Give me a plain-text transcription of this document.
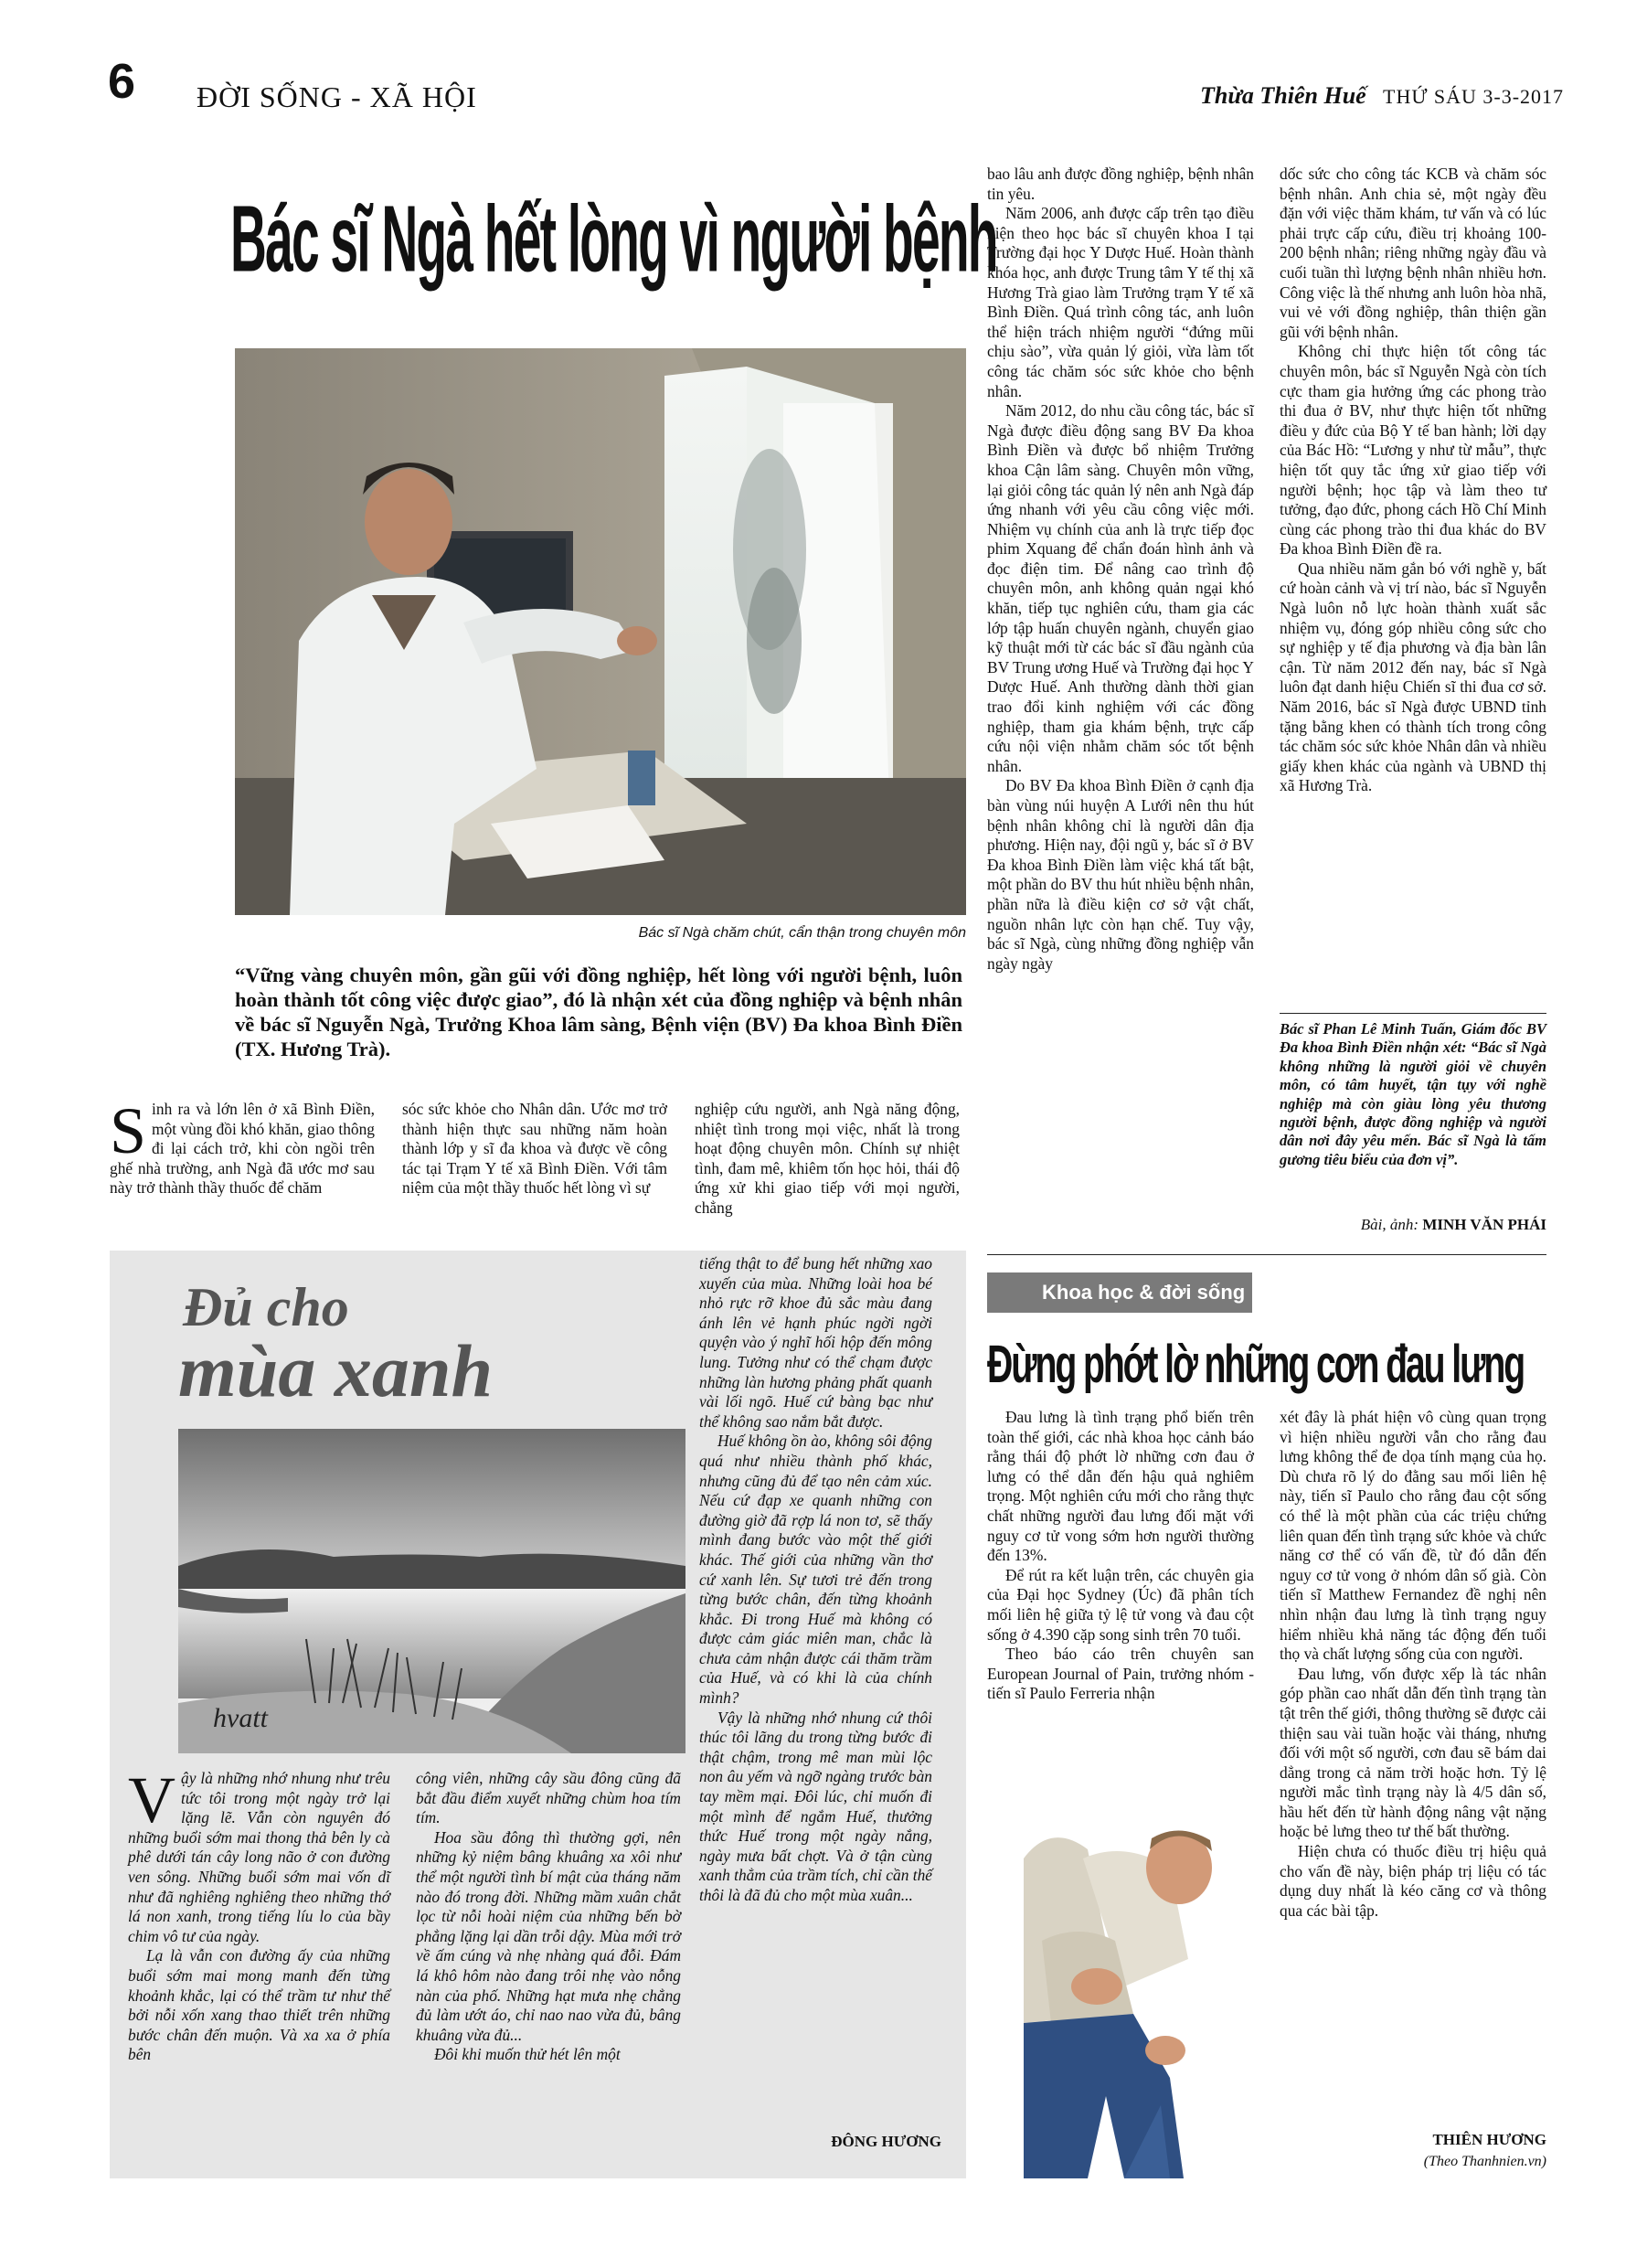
6 ĐỜI SỐNG - XÃ HỘI	Thừa Thiên Huế THỨ SÁU 3-3-2017
Bác sĩ Ngà hết lòng vì người bệnh
Bác sĩ Ngà chăm chút, cẩn thận trong chuyên môn
“Vững vàng chuyên môn, gần gũi với đồng nghiệp, hết lòng với người bệnh, luôn hoàn thành tốt công việc được giao”, đó là nhận xét của đồng nghiệp và bệnh nhân về bác sĩ Nguyễn Ngà, Trưởng Khoa lâm sàng, Bệnh viện (BV) Đa khoa Bình Điền (TX. Hương Trà).

Sinh ra và lớn lên ở xã Bình Điền, một vùng đồi khó khăn, giao thông đi lại cách trở, khi còn ngồi trên ghế nhà trường, anh Ngà đã ước mơ sau này trở thành thầy thuốc để chăm

sóc sức khỏe cho Nhân dân. Ước mơ trở thành hiện thực sau những năm hoàn thành lớp y sĩ đa khoa và được về công tác tại Trạm Y tế xã Bình Điền. Với tâm niệm của một thầy thuốc hết lòng vì sự

nghiệp cứu người, anh Ngà năng động, nhiệt tình trong mọi việc, nhất là trong hoạt động chuyên môn. Chính sự nhiệt tình, đam mê, khiêm tốn học hỏi, thái độ ứng xử khi giao tiếp với mọi người, chẳng

bao lâu anh được đồng nghiệp, bệnh nhân tin yêu.

Năm 2006, anh được cấp trên tạo điều kiện theo học bác sĩ chuyên khoa I tại Trường đại học Y Dược Huế. Hoàn thành khóa học, anh được Trung tâm Y tế thị xã Hương Trà giao làm Trưởng trạm Y tế xã Bình Điền. Quá trình công tác, anh luôn thể hiện trách nhiệm người “đứng mũi chịu sào”, vừa quản lý giỏi, vừa làm tốt công tác chăm sóc sức khỏe cho bệnh nhân.

Năm 2012, do nhu cầu công tác, bác sĩ Ngà được điều động sang BV Đa khoa Bình Điền và được bổ nhiệm Trưởng khoa Cận lâm sàng. Chuyên môn vững, lại giỏi công tác quản lý nên anh Ngà đáp ứng nhanh với yêu cầu công việc mới. Nhiệm vụ chính của anh là trực tiếp đọc phim Xquang để chẩn đoán hình ảnh và đọc điện tim. Để nâng cao trình độ chuyên môn, anh không quản ngại khó khăn, tiếp tục nghiên cứu, tham gia các lớp tập huấn chuyên ngành, chuyển giao kỹ thuật mới từ các bác sĩ đầu ngành của BV Trung ương Huế và Trường đại học Y Dược Huế. Anh thường dành thời gian trao đổi kinh nghiệm với các đồng nghiệp, tham gia khám bệnh, trực cấp cứu nội viện nhằm chăm sóc tốt bệnh nhân.

Do BV Đa khoa Bình Điền ở cạnh địa bàn vùng núi huyện A Lưới nên thu hút bệnh nhân không chỉ là người dân địa phương. Hiện nay, đội ngũ y, bác sĩ ở BV Đa khoa Bình Điền làm việc khá tất bật, một phần do BV thu hút nhiều bệnh nhân, phần nữa là điều kiện cơ sở vật chất, nguồn nhân lực còn hạn chế. Tuy vậy, bác sĩ Ngà, cùng những đồng nghiệp vẫn ngày ngày

dốc sức cho công tác KCB và chăm sóc bệnh nhân. Anh chia sẻ, một ngày đều đặn với việc thăm khám, tư vấn và có lúc phải trực cấp cứu, điều trị khoảng 100-200 bệnh nhân; riêng những ngày đầu và cuối tuần thì lượng bệnh nhân nhiều hơn. Công việc là thế nhưng anh luôn hòa nhã, vui vẻ với đồng nghiệp, thân thiện gần gũi với bệnh nhân.

Không chỉ thực hiện tốt công tác chuyên môn, bác sĩ Nguyễn Ngà còn tích cực tham gia hưởng ứng các phong trào thi đua ở BV, như thực hiện tốt những điều y đức của Bộ Y tế ban hành; lời dạy của Bác Hồ: “Lương y như từ mẫu”, thực hiện tốt quy tắc ứng xử giao tiếp với người bệnh; học tập và làm theo tư tưởng, đạo đức, phong cách Hồ Chí Minh cùng các phong trào thi đua khác do BV Đa khoa Bình Điền đề ra.

Qua nhiều năm gắn bó với nghề y, bất cứ hoàn cảnh và vị trí nào, bác sĩ Nguyễn Ngà luôn nỗ lực hoàn thành xuất sắc nhiệm vụ, đóng góp nhiều công sức cho sự nghiệp y tế địa phương và địa bàn lân cận. Từ năm 2012 đến nay, bác sĩ Ngà luôn đạt danh hiệu Chiến sĩ thi đua cơ sở. Năm 2016, bác sĩ Ngà được UBND tỉnh tặng bằng khen có thành tích trong công tác chăm sóc sức khỏe Nhân dân và nhiều giấy khen khác của ngành và UBND thị xã Hương Trà.

Bác sĩ Phan Lê Minh Tuấn, Giám đốc BV Đa khoa Bình Điền nhận xét: “Bác sĩ Ngà không những là người giỏi về chuyên môn, có tâm huyết, tận tụy với nghề nghiệp mà còn giàu lòng yêu thương người bệnh, được đồng nghiệp và người dân nơi đây yêu mến. Bác sĩ Ngà là tấm gương tiêu biểu của đơn vị”.
Bài, ảnh: MINH VĂN PHÁI
Đủ cho
mùa xanh
hvatt

Vậy là những nhớ nhung như trêu tức tôi trong một ngày trở lại lặng lẽ. Vẫn còn nguyên đó những buổi sớm mai thong thả bên ly cà phê dưới tán cây long não ở con đường ven sông. Những buổi sớm mai vốn dĩ như đã nghiêng nghiêng theo những thớ lá non xanh, trong tiếng líu lo của bầy chim vô tư của ngày.

Lạ là vẫn con đường ấy của những buổi sớm mai mong manh đến từng khoảnh khắc, lại có thể trầm tư như thể bởi nỗi xốn xang thao thiết trên những bước chân đến muộn. Và xa xa ở phía bên

công viên, những cây sầu đông cũng đã bắt đầu điểm xuyết những chùm hoa tím tím.

Hoa sầu đông thì thường gợi, nên những kỷ niệm bâng khuâng xa xôi như thể một người tình bí mật của tháng năm nào đó trong đời. Những mầm xuân chắt lọc từ nỗi hoài niệm của những bến bờ phẳng lặng lại dần trỗi dậy. Mùa mới trở về ấm cúng và nhẹ nhàng quá đỗi. Đám lá khô hôm nào đang trôi nhẹ vào nỗng nàn của phố. Những hạt mưa nhẹ chẳng đủ làm ướt áo, chỉ nao nao vừa đủ, bâng khuâng vừa đủ...

Đôi khi muốn thử hét lên một

tiếng thật to để bung hết những xao xuyến của mùa. Những loài hoa bé nhỏ rực rỡ khoe đủ sắc màu đang ánh lên vẻ hạnh phúc ngời ngời quyện vào ý nghĩ hối hộp đến mông lung. Tưởng như có thể chạm được những làn hương phảng phất quanh vài lối ngõ. Huế cứ bàng bạc như thể không sao nắm bắt được.

Huế không ồn ào, không sôi động quá như nhiều thành phố khác, nhưng cũng đủ để tạo nên cảm xúc. Nếu cứ đạp xe quanh những con đường giờ đã rợp lá non tơ, sẽ thấy mình đang bước vào một thế giới khác. Thế giới của những vần thơ cứ xanh lên. Sự tươi trẻ đến trong từng bước chân, đến từng khoảnh khắc. Đi trong Huế mà không có được cảm giác miên man, chắc là chưa cảm nhận được cái thăm trầm của Huế, và có khi là của chính mình?

Vậy là những nhớ nhung cứ thôi thúc tôi lãng du trong từng bước đi thật chậm, trong mê man mùi lộc non âu yếm và ngỡ ngàng trước bàn tay mềm mại. Đôi lúc, chỉ muốn đi một mình để ngắm Huế, thưởng thức Huế trong một ngày nắng, ngày mưa bất chợt. Và ở tận cùng xanh thẳm của trầm tích, chỉ cần thế thôi là đã đủ cho một mùa xuân...

ĐÔNG HƯƠNG
Khoa học & đời sống
Đừng phớt lờ những cơn đau lưng

Đau lưng là tình trạng phổ biến trên toàn thế giới, các nhà khoa học cảnh báo rằng thái độ phớt lờ những cơn đau ở lưng có thể dẫn đến hậu quả nghiêm trọng. Một nghiên cứu mới cho rằng thực chất những người đau lưng đối mặt với nguy cơ tử vong sớm hơn người thường đến 13%.

Để rút ra kết luận trên, các chuyên gia của Đại học Sydney (Úc) đã phân tích mối liên hệ giữa tỷ lệ tử vong và đau cột sống ở 4.390 cặp song sinh trên 70 tuổi.

Theo báo cáo trên chuyên san European Journal of Pain, trưởng nhóm - tiến sĩ Paulo Ferreria nhận

xét đây là phát hiện vô cùng quan trọng vì hiện nhiều người vẫn cho rằng đau lưng không thể đe dọa tính mạng của họ. Dù chưa rõ lý do đằng sau mối liên hệ này, tiến sĩ Paulo cho rằng đau cột sống có thể là một phần của các triệu chứng liên quan đến tình trạng sức khỏe và chức năng cơ thể có vấn đề, từ đó dẫn đến nguy cơ tử vong ở nhóm dân số già. Còn tiến sĩ Matthew Fernandez đề nghị nên nhìn nhận đau lưng là tình trạng nguy hiểm nhiều khả năng tác động đến tuổi thọ và chất lượng sống của con người.

Đau lưng, vốn được xếp là tác nhân góp phần cao nhất dẫn đến tình trạng tàn tật trên thế giới, thông thường sẽ được cải thiện sau vài tuần hoặc vài tháng, nhưng đối với một số người, cơn đau sẽ bám dai dẳng trong cả năm trời hoặc hơn. Tỷ lệ người mắc tình trạng này là 4/5 dân số, hầu hết đến từ hành động nâng vật nặng hoặc bẻ lưng theo tư thế bất thường.

Hiện chưa có thuốc điều trị hiệu quả cho vấn đề này, biện pháp trị liệu có tác dụng duy nhất là kéo căng cơ và thông qua các bài tập.

THIÊN HƯƠNG
(Theo Thanhnien.vn)
